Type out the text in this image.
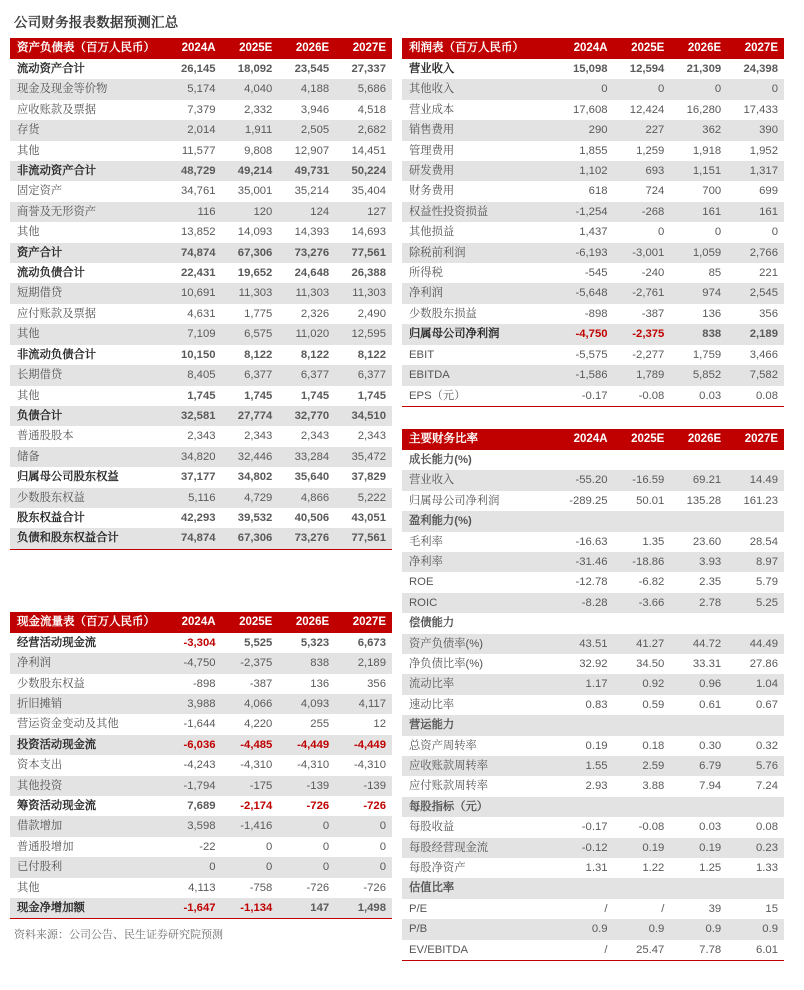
公司财务报表数据预测汇总
资产负债表（百万人民币）	2024A	2025E	2026E	2027E
流动资产合计	26,145	18,092	23,545	27,337
现金及现金等价物	5,174	4,040	4,188	5,686
应收账款及票据	7,379	2,332	3,946	4,518
存货	2,014	1,911	2,505	2,682
其他	11,577	9,808	12,907	14,451
非流动资产合计	48,729	49,214	49,731	50,224
固定资产	34,761	35,001	35,214	35,404
商誉及无形资产	116	120	124	127
其他	13,852	14,093	14,393	14,693
资产合计	74,874	67,306	73,276	77,561
流动负债合计	22,431	19,652	24,648	26,388
短期借贷	10,691	11,303	11,303	11,303
应付账款及票据	4,631	1,775	2,326	2,490
其他	7,109	6,575	11,020	12,595
非流动负债合计	10,150	8,122	8,122	8,122
长期借贷	8,405	6,377	6,377	6,377
其他	1,745	1,745	1,745	1,745
负债合计	32,581	27,774	32,770	34,510
普通股股本	2,343	2,343	2,343	2,343
储备	34,820	32,446	33,284	35,472
归属母公司股东权益	37,177	34,802	35,640	37,829
少数股东权益	5,116	4,729	4,866	5,222
股东权益合计	42,293	39,532	40,506	43,051
负债和股东权益合计	74,874	67,306	73,276	77,561
现金流量表（百万人民币）	2024A	2025E	2026E	2027E
经营活动现金流	-3,304	5,525	5,323	6,673
净利润	-4,750	-2,375	838	2,189
少数股东权益	-898	-387	136	356
折旧摊销	3,988	4,066	4,093	4,117
营运资金变动及其他	-1,644	4,220	255	12
投资活动现金流	-6,036	-4,485	-4,449	-4,449
资本支出	-4,243	-4,310	-4,310	-4,310
其他投资	-1,794	-175	-139	-139
筹资活动现金流	7,689	-2,174	-726	-726
借款增加	3,598	-1,416	0	0
普通股增加	-22	0	0	0
已付股利	0	0	0	0
其他	4,113	-758	-726	-726
现金净增加额	-1,647	-1,134	147	1,498
资料来源：公司公告、民生证券研究院预测
利润表（百万人民币）	2024A	2025E	2026E	2027E
营业收入	15,098	12,594	21,309	24,398
其他收入	0	0	0	0
营业成本	17,608	12,424	16,280	17,433
销售费用	290	227	362	390
管理费用	1,855	1,259	1,918	1,952
研发费用	1,102	693	1,151	1,317
财务费用	618	724	700	699
权益性投资损益	-1,254	-268	161	161
其他损益	1,437	0	0	0
除税前利润	-6,193	-3,001	1,059	2,766
所得税	-545	-240	85	221
净利润	-5,648	-2,761	974	2,545
少数股东损益	-898	-387	136	356
归属母公司净利润	-4,750	-2,375	838	2,189
EBIT	-5,575	-2,277	1,759	3,466
EBITDA	-1,586	1,789	5,852	7,582
EPS（元）	-0.17	-0.08	0.03	0.08
主要财务比率	2024A	2025E	2026E	2027E
成长能力(%)				
营业收入	-55.20	-16.59	69.21	14.49
归属母公司净利润	-289.25	50.01	135.28	161.23
盈利能力(%)				
毛利率	-16.63	1.35	23.60	28.54
净利率	-31.46	-18.86	3.93	8.97
ROE	-12.78	-6.82	2.35	5.79
ROIC	-8.28	-3.66	2.78	5.25
偿债能力				
资产负债率(%)	43.51	41.27	44.72	44.49
净负债比率(%)	32.92	34.50	33.31	27.86
流动比率	1.17	0.92	0.96	1.04
速动比率	0.83	0.59	0.61	0.67
营运能力				
总资产周转率	0.19	0.18	0.30	0.32
应收账款周转率	1.55	2.59	6.79	5.76
应付账款周转率	2.93	3.88	7.94	7.24
每股指标（元）				
每股收益	-0.17	-0.08	0.03	0.08
每股经营现金流	-0.12	0.19	0.19	0.23
每股净资产	1.31	1.22	1.25	1.33
估值比率				
P/E	/	/	39	15
P/B	0.9	0.9	0.9	0.9
EV/EBITDA	/	25.47	7.78	6.01
